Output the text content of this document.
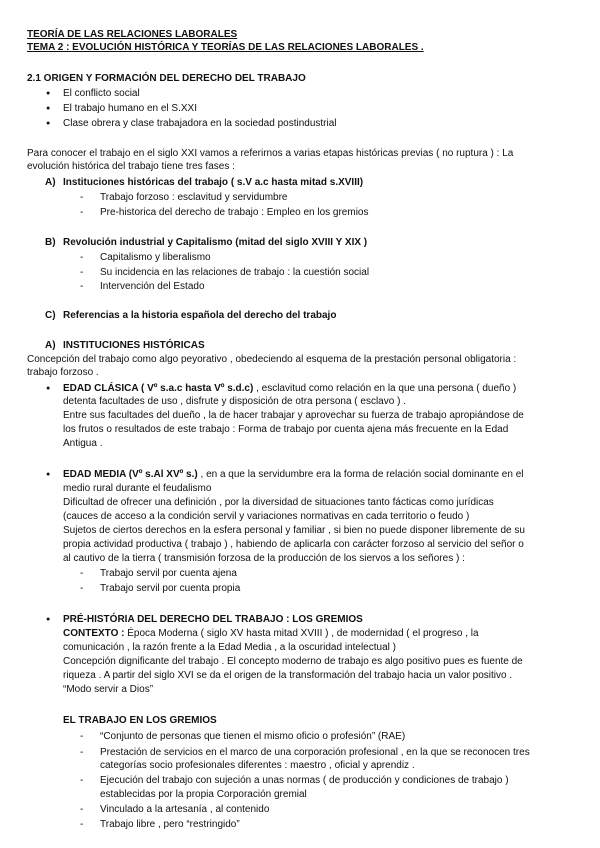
TEORÍA DE LAS RELACIONES LABORALES
TEMA 2 : EVOLUCIÓN HISTÓRICA Y TEORÍAS DE LAS RELACIONES LABORALES .
2.1 ORIGEN Y FORMACIÓN DEL DERECHO DEL TRABAJO
● El conflicto social
● El trabajo humano en el S.XXI
● Clase obrera y clase trabajadora en la sociedad postindustrial
Para conocer el trabajo en el siglo XXI vamos a referirnos a varias etapas históricas previas ( no ruptura ) : La
evolución histórica del trabajo tiene tres fases :
A) Instituciones históricas del trabajo ( s.V a.c hasta mitad s.XVIII)
- Trabajo forzoso : esclavitud y servidumbre
- Pre-historica del derecho de trabajo : Empleo en los gremios
B) Revolución industrial y Capitalismo (mitad del siglo XVIII Y XIX )
- Capitalismo y liberalismo
- Su incidencia en las relaciones de trabajo : la cuestión social
- Intervención del Estado
C) Referencias a la historia española del derecho del trabajo
A) INSTITUCIONES HISTÓRICAS
Concepción del trabajo como algo peyorativo , obedeciendo al esquema de la prestación personal obligatoria :
trabajo forzoso .
● EDAD CLÁSICA ( Vº s.a.c hasta Vº s.d.c) , esclavitud como relación en la que una persona ( dueño )
detenta facultades de uso , disfrute y disposición de otra persona ( esclavo ) .
Entre sus facultades del dueño , la de hacer trabajar y aprovechar su fuerza de trabajo apropiándose de
los frutos o resultados de este trabajo : Forma de trabajo por cuenta ajena más frecuente en la Edad
Antigua .
● EDAD MEDIA (Vº s.Al XVº s.) , en a que la servidumbre era la forma de relación social dominante en el
medio rural durante el feudalismo
Dificultad de ofrecer una definición , por la diversidad de situaciones tanto fácticas como jurídicas
(cauces de acceso a la condición servil y variaciones normativas en cada territorio o feudo )
Sujetos de ciertos derechos en la esfera personal y familiar , si bien no puede disponer libremente de su
propia actividad productiva ( trabajo ) , habiendo de aplicarla con carácter forzoso al servicio del señor o
al cautivo de la tierra ( transmisión forzosa de la producción de los siervos a los señores ) :
- Trabajo servil por cuenta ajena
- Trabajo servil por cuenta propia
● PRÉ-HISTÓRIA DEL DERECHO DEL TRABAJO : LOS GREMIOS
CONTEXTO : Época Moderna ( siglo XV hasta mitad XVIII ) , de modernidad ( el progreso , la
comunicación , la razón frente a la Edad Media , a la oscuridad intelectual )
Concepción dignificante del trabajo . El concepto moderno de trabajo es algo positivo pues es fuente de
riqueza . A partir del siglo XVI se da el origen de la transformación del trabajo hacia un valor positivo .
“Modo servir a Dios”
EL TRABAJO EN LOS GREMIOS
- “Conjunto de personas que tienen el mismo oficio o profesión” (RAE)
- Prestación de servicios en el marco de una corporación profesional , en la que se reconocen tres
categorías socio profesionales diferentes : maestro , oficial y aprendiz .
- Ejecución del trabajo con sujeción a unas normas ( de producción y condiciones de trabajo )
establecidas por la propia Corporación gremial
- Vinculado a la artesanía , al contenido
- Trabajo libre , pero “restringido”
